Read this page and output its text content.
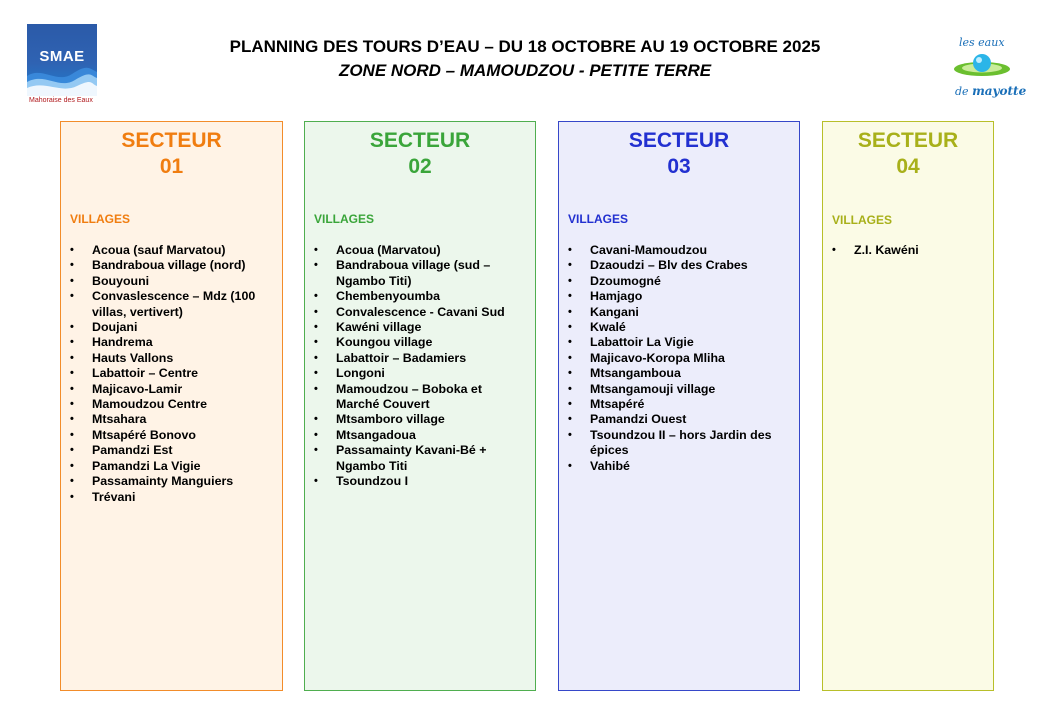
SMAE
Mahoraise des Eaux
les eaux
de mayotte
PLANNING DES TOURS D’EAU – DU 18 OCTOBRE AU 19 OCTOBRE 2025
ZONE NORD – MAMOUDZOU - PETITE TERRE
SECTEUR
01
VILLAGES
• Acoua (sauf Marvatou)
• Bandraboua village (nord)
• Bouyouni
• Convaslescence – Mdz (100 villas, vertivert)
• Doujani
• Handrema
• Hauts Vallons
• Labattoir – Centre
• Majicavo-Lamir
• Mamoudzou Centre
• Mtsahara
• Mtsapéré Bonovo
• Pamandzi Est
• Pamandzi La Vigie
• Passamainty Manguiers
• Trévani
SECTEUR
02
VILLAGES
• Acoua (Marvatou)
• Bandraboua village (sud – Ngambo Titi)
• Chembenyoumba
• Convalescence - Cavani Sud
• Kawéni village
• Koungou village
• Labattoir – Badamiers
• Longoni
• Mamoudzou – Boboka et Marché Couvert
• Mtsamboro village
• Mtsangadoua
• Passamainty Kavani-Bé + Ngambo Titi
• Tsoundzou I
SECTEUR
03
VILLAGES
• Cavani-Mamoudzou
• Dzaoudzi – Blv des Crabes
• Dzoumogné
• Hamjago
• Kangani
• Kwalé
• Labattoir La Vigie
• Majicavo-Koropa Mliha
• Mtsangamboua
• Mtsangamouji village
• Mtsapéré
• Pamandzi Ouest
• Tsoundzou II – hors Jardin des épices
• Vahibé
SECTEUR
04
VILLAGES
• Z.I. Kawéni
